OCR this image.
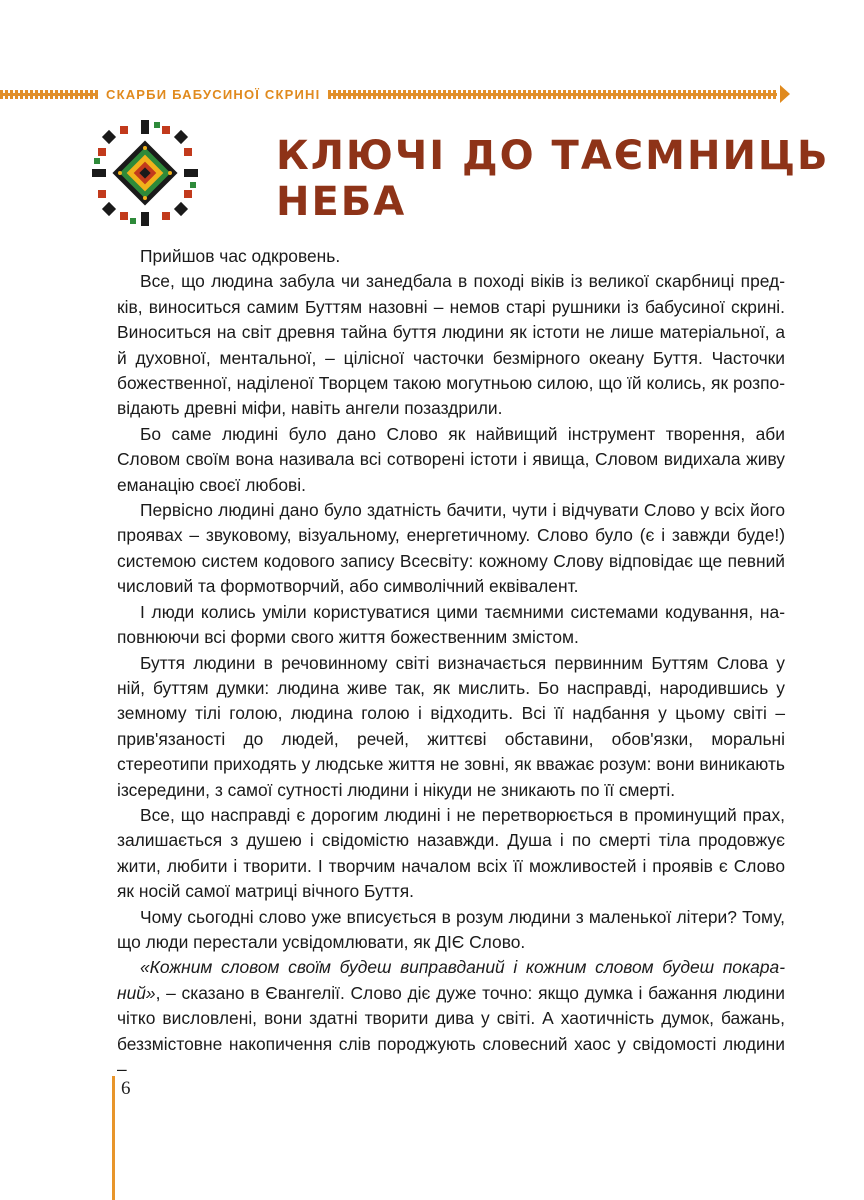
СКАРБИ БАБУСИНОЇ СКРИНІ
КЛЮЧІ ДО ТАЄМНИЦЬ
НЕБА

Прийшов час одкровень.

Все, що людина забула чи занедбала в поході віків із великої скарбниці предків, виноситься самим Буттям назовні – немов старі рушники із бабусиної скрині. Виноситься на світ древня тайна буття людини як істоти не лише матеріальної, а й духовної, ментальної, – цілісної часточки безмірного океану Буття. Часточки божественної, наділеної Творцем такою могутньою силою, що їй колись, як розповідають древні міфи, навіть ангели позаздрили.

Бо саме людині було дано Слово як найвищий інструмент творення, аби Словом своїм вона називала всі сотворені істоти і явища, Словом видихала живу еманацію своєї любові.

Первісно людині дано було здатність бачити, чути і відчувати Слово у всіх його проявах – звуковому, візуальному, енергетичному. Слово було (є і завжди буде!) системою систем кодового запису Всесвіту: кожному Слову відповідає ще певний числовий та формотворчий, або символічний еквівалент.

І люди колись уміли користуватися цими таємними системами кодування, наповнюючи всі форми свого життя божественним змістом.

Буття людини в речовинному світі визначається первинним Буттям Слова у ній, буттям думки: людина живе так, як мислить. Бо насправді, народившись у земному тілі голою, людина голою і відходить. Всі її надбання у цьому світі – прив'язаності до людей, речей, життєві обставини, обов'язки, моральні стереотипи приходять у людське життя не зовні, як вважає розум: вони виникають ізсередини, з самої сутності людини і нікуди не зникають по її смерті.

Все, що насправді є дорогим людині і не перетворюється в проминущий прах, залишається з душею і свідомістю назавжди. Душа і по смерті тіла продовжує жити, любити і творити. І творчим началом всіх її можливостей і проявів є Слово як носій самої матриці вічного Буття.

Чому сьогодні слово уже вписується в розум людини з маленької літери? Тому, що люди перестали усвідомлювати, як ДІЄ Слово.

«Кожним словом своїм будеш виправданий і кожним словом будеш покараний», – сказано в Євангелії. Слово діє дуже точно: якщо думка і бажання людини чітко висловлені, вони здатні творити дива у світі. А хаотичність думок, бажань, беззмістовне накопичення слів породжують словесний хаос у свідомості людини –

6
